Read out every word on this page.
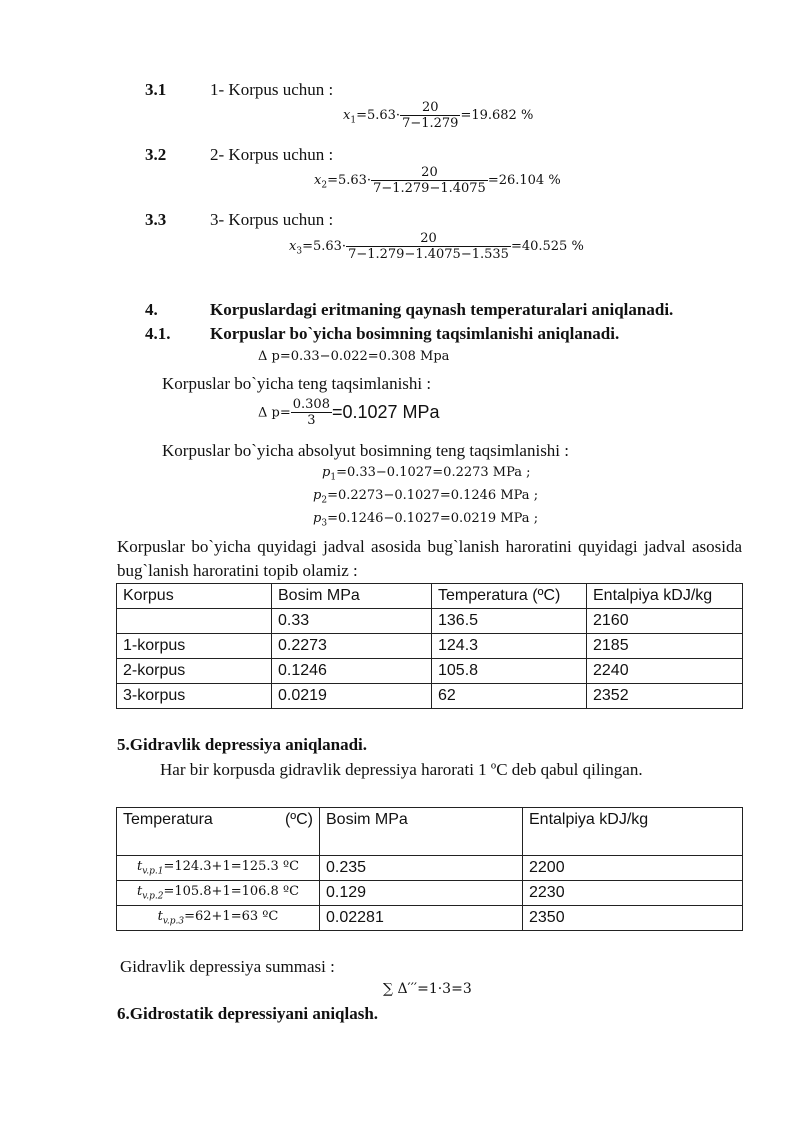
3.1	1- Korpus uchun :
$x_1=5.63\cdot \frac{20}{7-1.279} =19.682$ %
3.2	2- Korpus uchun :
$x_2=5.63\cdot \frac{20}{7-1.279-1.4075} =26.104$ %
3.3	3- Korpus uchun :
$x_3=5.63\cdot \frac{20}{7-1.279-1.4075-1.535} =40.525$ %
4.	Korpuslardagi eritmaning qaynash temperaturalari aniqlanadi.
4.1. Korpuslar bo`yicha bosimning taqsimlanishi aniqlanadi.
Δ p=0.33−0.022=0.308 Mpa
Korpuslar bo`yicha teng taqsimlanishi :
Δ $p= \frac{0.308}{3} =0.1027$ MPa
Korpuslar bo`yicha absolyut bosimning teng taqsimlanishi :
$p_1=0.33-0.1027=0.2273$ MPa ;
$p_2=0.2273-0.1027=0.1246$ MPa ;
$p_3=0.1246-0.1027=0.0219$ MPa ;
Korpuslar bo`yicha quyidagi jadval asosida bug`lanish haroratini quyidagi jadval asosida bug`lanish haroratini topib olamiz :
Korpus	Bosim MPa	Temperatura (ºC)	Entalpiya kDJ/kg
	0.33	136.5	2160
1-korpus	0.2273	124.3	2185
2-korpus	0.1246	105.8	2240
3-korpus	0.0219	62	2352
5.Gidravlik depressiya aniqlanadi.
Har bir korpusda gidravlik depressiya harorati 1 ºC deb qabul qilingan.
Temperatura (ºC)	Bosim MPa	Entalpiya kDJ/kg
$t_{v.p.1}=124.3+1=125.3$ ºC	0.235	2200
$t_{v.p.2}=105.8+1=106.8$ ºC	0.129	2230
$t_{v.p.3}=62+1=63$ ºC	0.02281	2350
Gidravlik depressiya summasi :
∑ Δ′′′=1·3=3
6.Gidrostatik depressiyani aniqlash.
